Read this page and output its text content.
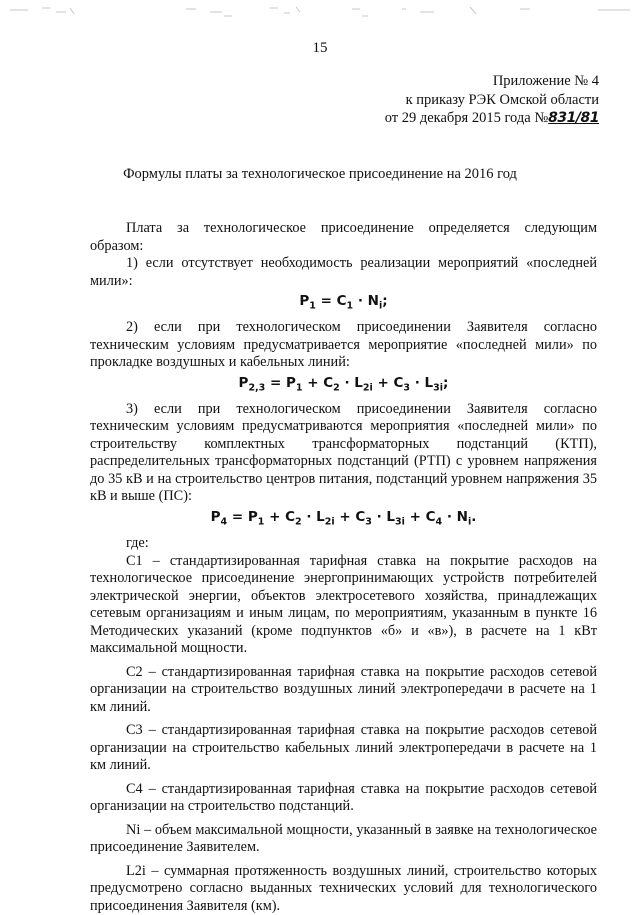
15
Приложение № 4
к приказу РЭК Омской области
от 29 декабря 2015 года №831/81
Формулы платы за технологическое присоединение на 2016 год

Плата за технологическое присоединение определяется следующим образом:

1) если отсутствует необходимость реализации мероприятий «последней мили»:

$P_1 = C_1 \cdot N_i$;

2) если при технологическом присоединении Заявителя согласно техническим условиям предусматривается мероприятие «последней мили» по прокладке воздушных и кабельных линий:

$P_{2,3} = P_1 + C_2 \cdot L_{2i} + C_3 \cdot L_{3i}$;

3) если при технологическом присоединении Заявителя согласно техническим условиям предусматриваются мероприятия «последней мили» по строительству комплектных трансформаторных подстанций (КТП), распределительных трансформаторных подстанций (РТП) с уровнем напряжения до 35 кВ и на строительство центров питания, подстанций уровнем напряжения 35 кВ и выше (ПС):

$P_4 = P_1 + C_2 \cdot L_{2i} + C_3 \cdot L_{3i} + C_4 \cdot N_i$.

где:

C1 – стандартизированная тарифная ставка на покрытие расходов на технологическое присоединение энергопринимающих устройств потребителей электрической энергии, объектов электросетевого хозяйства, принадлежащих сетевым организациям и иным лицам, по мероприятиям, указанным в пункте 16 Методических указаний (кроме подпунктов «б» и «в»), в расчете на 1 кВт максимальной мощности.

C2 – стандартизированная тарифная ставка на покрытие расходов сетевой организации на строительство воздушных линий электропередачи в расчете на 1 км линий.

C3 – стандартизированная тарифная ставка на покрытие расходов сетевой организации на строительство кабельных линий электропередачи в расчете на 1 км линий.

C4 – стандартизированная тарифная ставка на покрытие расходов сетевой организации на строительство подстанций.

Ni – объем максимальной мощности, указанный в заявке на технологическое присоединение Заявителем.

L2i – суммарная протяженность воздушных линий, строительство которых предусмотрено согласно выданных технических условий для технологического присоединения Заявителя (км).
